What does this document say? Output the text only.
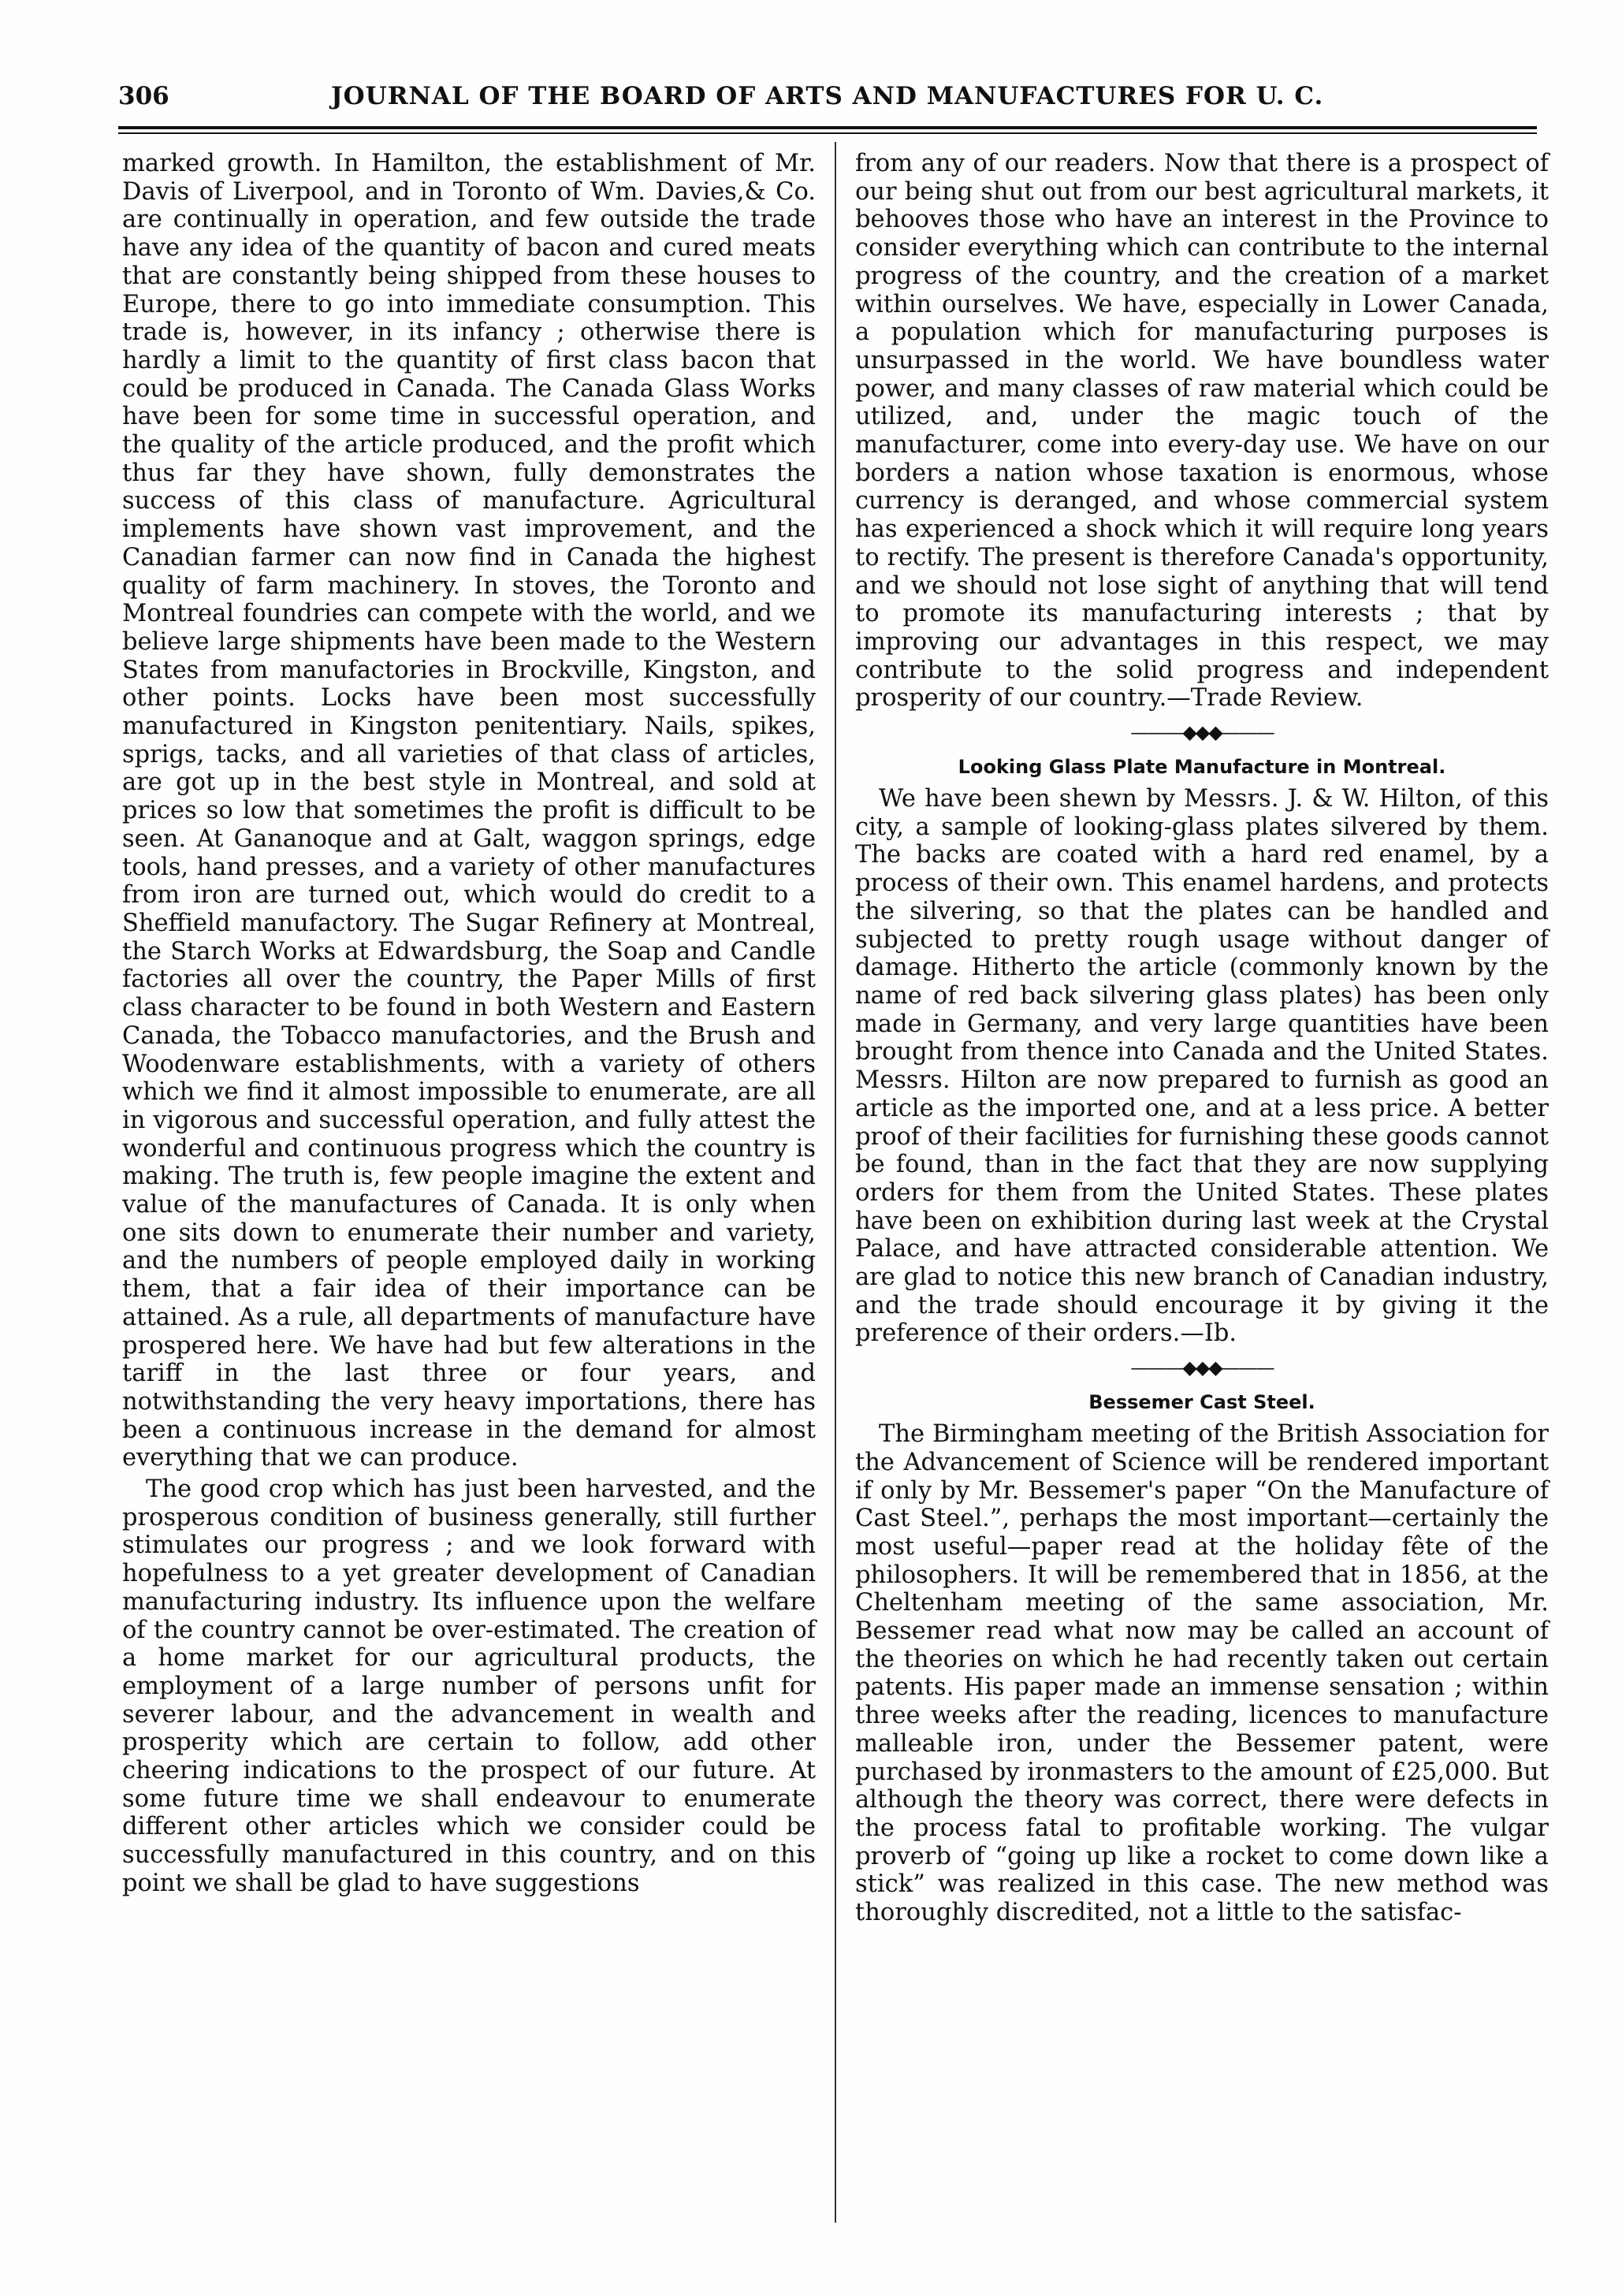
306	JOURNAL OF THE BOARD OF ARTS AND MANUFACTURES FOR U. C.

marked growth. In Hamilton, the establishment of Mr. Davis of Liverpool, and in Toronto of Wm. Davies,& Co. are continually in operation, and few outside the trade have any idea of the quantity of bacon and cured meats that are constantly being shipped from these houses to Europe, there to go into immediate consumption. This trade is, however, in its infancy ; otherwise there is hardly a limit to the quantity of first class bacon that could be produced in Canada. The Canada Glass Works have been for some time in successful operation, and the quality of the article produced, and the profit which thus far they have shown, fully demonstrates the success of this class of manufacture. Agricultural implements have shown vast improvement, and the Canadian farmer can now find in Canada the highest quality of farm machinery. In stoves, the Toronto and Montreal foundries can compete with the world, and we believe large shipments have been made to the Western States from manufactories in Brockville, Kingston, and other points. Locks have been most successfully manufactured in Kingston penitentiary. Nails, spikes, sprigs, tacks, and all varieties of that class of articles, are got up in the best style in Montreal, and sold at prices so low that sometimes the profit is difficult to be seen. At Gananoque and at Galt, waggon springs, edge tools, hand presses, and a variety of other manufactures from iron are turned out, which would do credit to a Sheffield manufactory. The Sugar Refinery at Montreal, the Starch Works at Edwardsburg, the Soap and Candle factories all over the country, the Paper Mills of first class character to be found in both Western and Eastern Canada, the Tobacco manufactories, and the Brush and Woodenware establishments, with a variety of others which we find it almost impossible to enumerate, are all in vigorous and successful operation, and fully attest the wonderful and continuous progress which the country is making. The truth is, few people imagine the extent and value of the manufactures of Canada. It is only when one sits down to enumerate their number and variety, and the numbers of people employed daily in working them, that a fair idea of their importance can be attained. As a rule, all departments of manufacture have prospered here. We have had but few alterations in the tariff in the last three or four years, and notwithstanding the very heavy importations, there has been a continuous increase in the demand for almost everything that we can produce.

The good crop which has just been harvested, and the prosperous condition of business generally, still further stimulates our progress ; and we look forward with hopefulness to a yet greater development of Canadian manufacturing industry. Its influence upon the welfare of the country cannot be over-estimated. The creation of a home market for our agricultural products, the employment of a large number of persons unfit for severer labour, and the advancement in wealth and prosperity which are certain to follow, add other cheering indications to the prospect of our future. At some future time we shall endeavour to enumerate different other articles which we consider could be successfully manufactured in this country, and on this point we shall be glad to have suggestions

from any of our readers. Now that there is a prospect of our being shut out from our best agricultural markets, it behooves those who have an interest in the Province to consider everything which can contribute to the internal progress of the country, and the creation of a market within ourselves. We have, especially in Lower Canada, a population which for manufacturing purposes is unsurpassed in the world. We have boundless water power, and many classes of raw material which could be utilized, and, under the magic touch of the manufacturer, come into every-day use. We have on our borders a nation whose taxation is enormous, whose currency is deranged, and whose commercial system has experienced a shock which it will require long years to rectify. The present is therefore Canada's opportunity, and we should not lose sight of anything that will tend to promote its manufacturing interests ; that by improving our advantages in this respect, we may contribute to the solid progress and independent prosperity of our country.—Trade Review.

———◆◆◆———
Looking Glass Plate Manufacture in Montreal.

We have been shewn by Messrs. J. & W. Hilton, of this city, a sample of looking-glass plates silvered by them. The backs are coated with a hard red enamel, by a process of their own. This enamel hardens, and protects the silvering, so that the plates can be handled and subjected to pretty rough usage without danger of damage. Hitherto the article (commonly known by the name of red back silvering glass plates) has been only made in Germany, and very large quantities have been brought from thence into Canada and the United States. Messrs. Hilton are now prepared to furnish as good an article as the imported one, and at a less price. A better proof of their facilities for furnishing these goods cannot be found, than in the fact that they are now supplying orders for them from the United States. These plates have been on exhibition during last week at the Crystal Palace, and have attracted considerable attention. We are glad to notice this new branch of Canadian industry, and the trade should encourage it by giving it the preference of their orders.—Ib.

———◆◆◆———
Bessemer Cast Steel.

The Birmingham meeting of the British Association for the Advancement of Science will be rendered important if only by Mr. Bessemer's paper “On the Manufacture of Cast Steel.”, perhaps the most important—certainly the most useful—paper read at the holiday fête of the philosophers. It will be remembered that in 1856, at the Cheltenham meeting of the same association, Mr. Bessemer read what now may be called an account of the theories on which he had recently taken out certain patents. His paper made an immense sensation ; within three weeks after the reading, licences to manufacture malleable iron, under the Bessemer patent, were purchased by ironmasters to the amount of £25,000. But although the theory was correct, there were defects in the process fatal to profitable working. The vulgar proverb of “going up like a rocket to come down like a stick” was realized in this case. The new method was thoroughly discredited, not a little to the satisfac-
